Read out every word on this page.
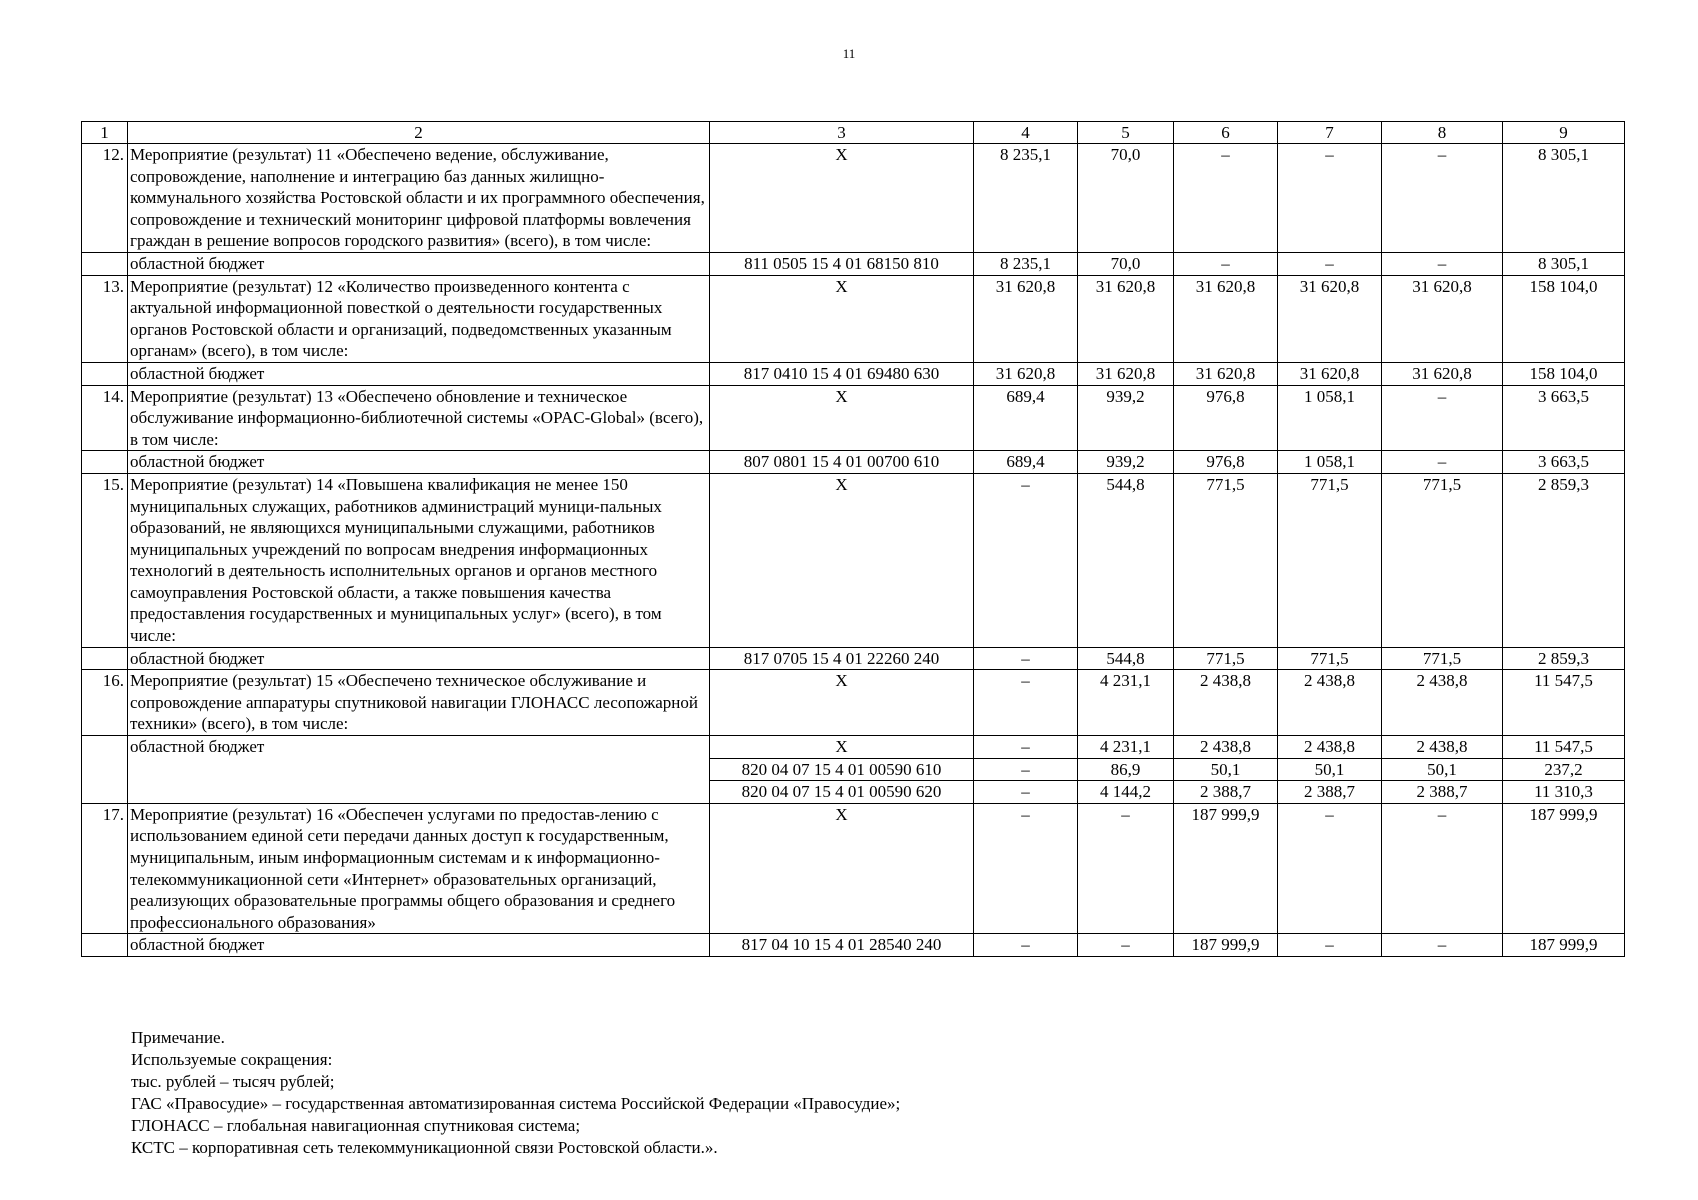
11
1	2	3	4	5	6	7	8	9
12.	Мероприятие (результат) 11 «Обеспечено ведение, обслуживание, сопровождение, наполнение и интеграцию баз данных жилищно-коммунального хозяйства Ростовской области и их программного обеспечения, сопровождение и технический мониторинг цифровой платформы вовлечения граждан в решение вопросов городского развития» (всего), в том числе:	X	8 235,1	70,0	–	–	–	8 305,1
	областной бюджет	811 0505 15 4 01 68150 810	8 235,1	70,0	–	–	–	8 305,1
13.	Мероприятие (результат) 12 «Количество произведенного контента с актуальной информационной повесткой о деятельности государственных органов Ростовской области и организаций, подведомственных указанным органам» (всего), в том числе:	X	31 620,8	31 620,8	31 620,8	31 620,8	31 620,8	158 104,0
	областной бюджет	817 0410 15 4 01 69480 630	31 620,8	31 620,8	31 620,8	31 620,8	31 620,8	158 104,0
14.	Мероприятие (результат) 13 «Обеспечено обновление и техническое обслуживание информационно-библиотечной системы «OPAC-Global» (всего), в том числе:	X	689,4	939,2	976,8	1 058,1	–	3 663,5
	областной бюджет	807 0801 15 4 01 00700 610	689,4	939,2	976,8	1 058,1	–	3 663,5
15.	Мероприятие (результат) 14 «Повышена квалификация не менее 150 муниципальных служащих, работников администраций муници-пальных образований, не являющихся муниципальными служащими, работников муниципальных учреждений по вопросам внедрения информационных технологий в деятельность исполнительных органов и органов местного самоуправления Ростовской области, а также повышения качества предоставления государственных и муниципальных услуг» (всего), в том числе:	X	–	544,8	771,5	771,5	771,5	2 859,3
	областной бюджет	817 0705 15 4 01 22260 240	–	544,8	771,5	771,5	771,5	2 859,3
16.	Мероприятие (результат) 15 «Обеспечено техническое обслуживание и сопровождение аппаратуры спутниковой навигации ГЛОНАСС лесопожарной техники» (всего), в том числе:	X	–	4 231,1	2 438,8	2 438,8	2 438,8	11 547,5
	областной бюджет	X	–	4 231,1	2 438,8	2 438,8	2 438,8	11 547,5
		820 04 07 15 4 01 00590 610	–	86,9	50,1	50,1	50,1	237,2
		820 04 07 15 4 01 00590 620	–	4 144,2	2 388,7	2 388,7	2 388,7	11 310,3
17.	Мероприятие (результат) 16 «Обеспечен услугами по предостав-лению с использованием единой сети передачи данных доступ к государственным, муниципальным, иным информационным системам и к информационно- телекоммуникационной сети «Интернет» образовательных организаций, реализующих образовательные программы общего образования и среднего профессионального образования»	X	–	–	187 999,9	–	–	187 999,9
	областной бюджет	817 04 10 15 4 01 28540 240	–	–	187 999,9	–	–	187 999,9
Примечание.
Используемые сокращения:
тыс. рублей – тысяч рублей;
ГАС «Правосудие» – государственная автоматизированная система Российской Федерации «Правосудие»;
ГЛОНАСС – глобальная навигационная спутниковая система;
КСТС – корпоративная сеть телекоммуникационной связи Ростовской области.».
